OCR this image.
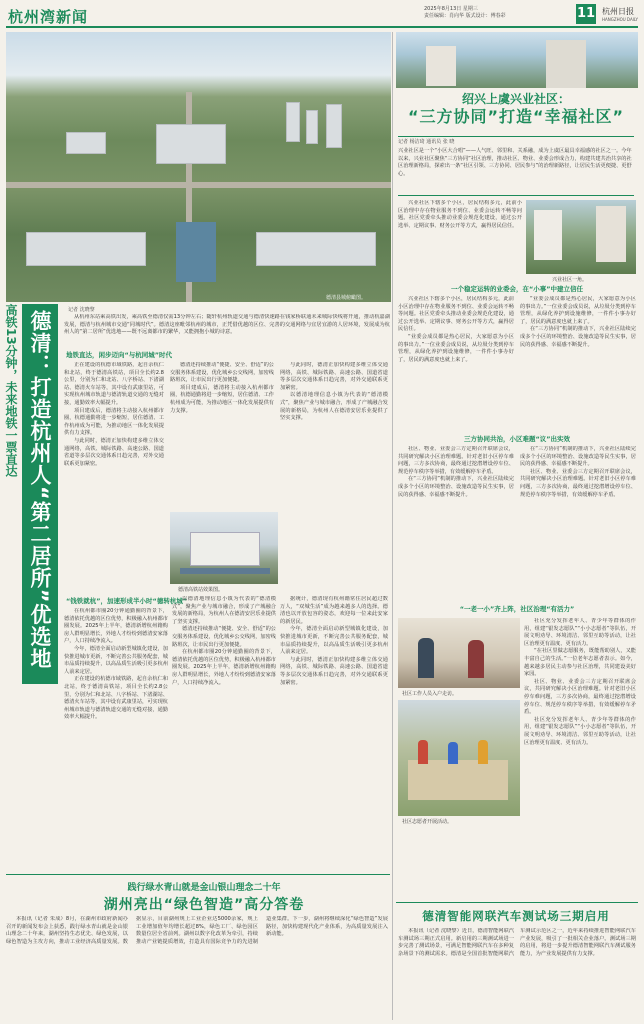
杭州湾新闻	2025年8月13日 星期三
责任编辑：肖向华 版式设计：傅春彩	11 杭州日报
HANGZHOU DAILY
德清县城俯瞰图。
高铁13分钟，未来地铁一票直达 德清：打造杭州人“第二居所”优选地	记者 沈晓黎

从杭州东站乘高铁出发，乘高铁至德清仅需13分钟左右；随轩杭州轨道交通与德清快速路在钱家桥联通未来城际快线将开通，推动杭嘉湖发展，德清与杭州城市交通“同城时代”。德清这座毗邻杭州的城市，正凭借优越的区位、完善的交通网络与宜居宜游的人居环境，发展成为杭州人的“第二居所”优选地——既不远离都市的繁华，又能拥抱小城的诗意。

地铁直达，闲步迈向“与杭同城”时代

正在建设的杭德市域铁路，起自余杭仁和北站，终于德清高铁站，项目全长约2.8公里，分别为仁和北站、八字桥站、下渚湖站、德清火车站等，其中设有武康里站，可实现杭州城市轨道与德清轨道交通的无缝对接，通勤效率大幅提升。

项目建成后，德清将主动接入杭州都市圈，杭德通勤将进一步缩短，居住德清、工作杭州成为可能，为推动地区一体化发展提供有力支撑。

与此同时，德清正加快构建多维立体交通网络，高铁、城际铁路、高速公路、国道省道等多层次交通体系日趋完善，对外交通联系更加紧密。

德清还持续推动“便捷、安全、舒适”的公交服务体系建设，优化城乡公交线网，加密线路班次，让市民出行更加便捷。

项目建成后，德清将主动接入杭州都市圈，杭德通勤将进一步缩短，居住德清、工作杭州成为可能，为推动地区一体化发展提供有力支撑。

与此同时，德清正加快构建多维立体交通网络，高铁、城际铁路、高速公路、国道省道等多层次交通体系日趋完善，对外交通联系更加紧密。

以德清地理信息小镇为代表的“德清模式”，聚焦产业与城市融合，形成了产城融合发展的新格局，为杭州人在德清安居乐业提供了坚实支撑。

德清高铁站效果图。
“钱铁就杭”，加速形成半小时“德转杭城”

在杭州都市圈20分钟通勤圈的背景下，德清依托优越的区位优势，积极融入杭州都市圈发展。2025年上半年，德清新增杭州籍购房人群明显增长，外地人才纷纷到德清安家落户，人口持续净流入。

今年，德清全面启动新型城镇化建设，加快推进城市更新，不断完善公共服务配套，城市品质持续提升，以高品质生活吸引更多杭州人前来定居。

正在建设的杭德市域铁路，起自余杭仁和北站，终于德清高铁站，项目全长约2.8公里，分别为仁和北站、八字桥站、下渚湖站、德清火车站等，其中设有武康里站，可实现杭州城市轨道与德清轨道交通的无缝对接，通勤效率大幅提升。

以德清地理信息小镇为代表的“德清模式”，聚焦产业与城市融合，形成了产城融合发展的新格局，为杭州人在德清安居乐业提供了坚实支撑。

德清还持续推动“便捷、安全、舒适”的公交服务体系建设，优化城乡公交线网，加密线路班次，让市民出行更加便捷。

在杭州都市圈20分钟通勤圈的背景下，德清依托优越的区位优势，积极融入杭州都市圈发展。2025年上半年，德清新增杭州籍购房人群明显增长，外地人才纷纷到德清安家落户，人口持续净流入。

据统计，德清现有杭州籍常住居民超过数万人，“双城生活”成为越来越多人的选择。德清也以开放包容的姿态，欢迎每一位来此安家的新居民。

今年，德清全面启动新型城镇化建设，加快推进城市更新，不断完善公共服务配套，城市品质持续提升，以高品质生活吸引更多杭州人前来定居。

与此同时，德清正加快构建多维立体交通网络，高铁、城际铁路、高速公路、国道省道等多层次交通体系日趋完善，对外交通联系更加紧密。

践行绿水青山就是金山银山理念二十年
湖州亮出“绿色智造”高分答卷

本报讯（记者 朱成）8月，在湖州市政府新闻办召开的新闻发布会上获悉，践行绿水青山就是金山银山理念二十年来，湖州坚持生态优先、绿色发展，以绿色智造为主攻方向，推动工业经济高质量发展。数据显示，目前湖州规上工业企业达5000余家，规上工业增加值年均增长超过8%，绿色工厂、绿色园区数量位居全省前列。湖州以数字化改革为牵引，持续推动产业链提质增效，打造具有国际竞争力的先进制造业集群。下一步，湖州将继续深化“绿色智造”发展路径，加快构建现代化产业体系，为高质量发展注入新动能。

绍兴上虞兴业社区：
“三方协同”打造“幸福社区”
记者 杨洁琦 通讯员 张 晓
兴业社区是一个“小区大合唱”——人气旺、邻里和、关系融，成为上虞区最具幸福感的社区之一。今年以来，兴业社区聚焦“三方协同”社区治理，推动社区、物业、业委会形成合力，构建共建共治共享的社区治理新格局，探索出一条“社区引领、三方协同、居民参与”的治理新路径，让居民生活更便捷、更舒心。

兴业社区下辖多个小区，居民结构多元，此前小区治理中存在物业服务不到位、业委会运转不畅等问题。社区党委牵头推动业委会规范化建设，通过公开选举、定期议事、财务公开等方式，赢得居民信任。

兴业社区一角。
一个稳定运转的业委会，在“小事”中建立信任

兴业社区下辖多个小区，居民结构多元，此前小区治理中存在物业服务不到位、业委会运转不畅等问题。社区党委牵头推动业委会规范化建设，通过公开选举、定期议事、财务公开等方式，赢得居民信任。

“业委会成员都是热心居民，大家愿意为小区的事出力。”一位业委会成员说，从垃圾分类到停车管理，从绿化养护到设施维修，一件件小事办好了，居民的满意度也就上来了。

“业委会成员都是热心居民，大家愿意为小区的事出力。”一位业委会成员说，从垃圾分类到停车管理，从绿化养护到设施维修，一件件小事办好了，居民的满意度也就上来了。

在“三方协同”机制的推动下，兴业社区陆续完成多个小区的环境整治、设施改造等民生实事，居民的获得感、幸福感不断提升。

三方协同共治，小区难题“议”出实效

社区、物业、业委会三方定期召开联席会议，共同研究解决小区治理难题。针对老旧小区停车难问题，三方多次协商，最终通过挖潜增设停车位、规范停车秩序等举措，有效缓解停车矛盾。

在“三方协同”机制的推动下，兴业社区陆续完成多个小区的环境整治、设施改造等民生实事，居民的获得感、幸福感不断提升。

在“三方协同”机制的推动下，兴业社区陆续完成多个小区的环境整治、设施改造等民生实事，居民的获得感、幸福感不断提升。

社区、物业、业委会三方定期召开联席会议，共同研究解决小区治理难题。针对老旧小区停车难问题，三方多次协商，最终通过挖潜增设停车位、规范停车秩序等举措，有效缓解停车矛盾。

“一老一小”齐上阵，社区治理“有活力”
社区工作人员入户走访。
社区志愿者开展活动。

社区充分发挥老年人、青少年等群体的作用，组建“银发志愿队”“小小志愿者”等队伍，开展文明劝导、环境清洁、邻里互助等活动，让社区治理更有温度、更有活力。

“在社区里做志愿服务，既能帮助别人，又能丰富自己的生活。”一位老年志愿者表示。如今，越来越多居民主动参与社区治理，共同建设美好家园。

社区、物业、业委会三方定期召开联席会议，共同研究解决小区治理难题。针对老旧小区停车难问题，三方多次协商，最终通过挖潜增设停车位、规范停车秩序等举措，有效缓解停车矛盾。

社区充分发挥老年人、青少年等群体的作用，组建“银发志愿队”“小小志愿者”等队伍，开展文明劝导、环境清洁、邻里互助等活动，让社区治理更有温度、更有活力。

德清智能网联汽车测试场三期启用

本报讯（记者 沈晓黎）近日，德清智能网联汽车测试场三期正式启用。新启用的三期测试场进一步完善了测试场景，可满足智能网联汽车在多种复杂场景下的测试需求。德清是全国首批智能网联汽车测试示范区之一，近年来持续推进智能网联汽车产业发展，吸引了一批相关企业落户。测试场三期的启用，将进一步提升德清智能网联汽车测试服务能力，为产业发展提供有力支撑。
